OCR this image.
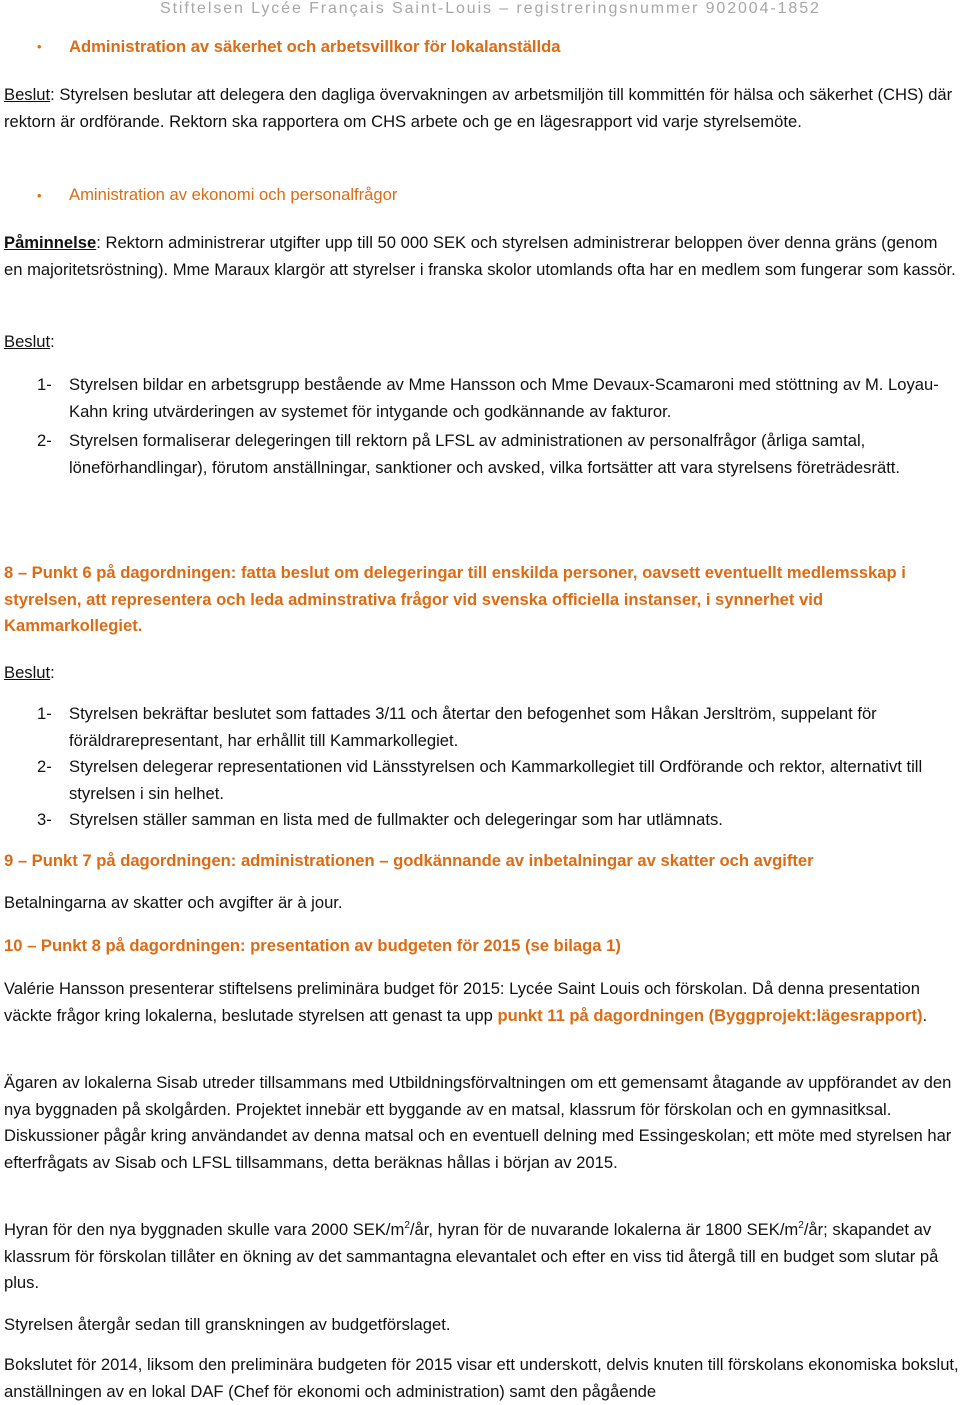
Stiftelsen Lycée Français Saint-Louis – registreringsnummer 902004-1852
•	Administration av säkerhet och arbetsvillkor för lokalanställda

Beslut: Styrelsen beslutar att delegera den dagliga övervakningen av arbetsmiljön till kommittén för hälsa och säkerhet (CHS) där rektorn är ordförande. Rektorn ska rapportera om CHS arbete och ge en lägesrapport vid varje styrelsemöte.

•	Aministration av ekonomi och personalfrågor

Påminnelse: Rektorn administrerar utgifter upp till 50 000 SEK och styrelsen administrerar beloppen över denna gräns (genom en majoritetsröstning). Mme Maraux klargör att styrelser i franska skolor utomlands ofta har en medlem som fungerar som kassör.

Beslut:

1-	Styrelsen bildar en arbetsgrupp bestående av Mme Hansson och Mme Devaux-Scamaroni med stöttning av M. Loyau-Kahn kring utvärderingen av systemet för intygande och godkännande av fakturor.

2-	Styrelsen formaliserar delegeringen till rektorn på LFSL av administrationen av personalfrågor (årliga samtal, löneförhandlingar), förutom anställningar, sanktioner och avsked, vilka fortsätter att vara styrelsens företrädesrätt.

8 – Punkt 6 på dagordningen: fatta beslut om delegeringar till enskilda personer, oavsett eventuellt medlemsskap i styrelsen, att representera och leda adminstrativa frågor vid svenska officiella instanser, i synnerhet vid Kammarkollegiet.

Beslut:

1-	Styrelsen bekräftar beslutet som fattades 3/11 och återtar den befogenhet som Håkan Jersltröm, suppelant för föräldrarepresentant, har erhållit till Kammarkollegiet.

2-	Styrelsen delegerar representationen vid Länsstyrelsen och Kammarkollegiet till Ordförande och rektor, alternativt till styrelsen i sin helhet.

3-	Styrelsen ställer samman en lista med de fullmakter och delegeringar som har utlämnats.

9 – Punkt 7 på dagordningen: administrationen – godkännande av inbetalningar av skatter och avgifter

Betalningarna av skatter och avgifter är à jour.

10 – Punkt 8 på dagordningen: presentation av budgeten för 2015 (se bilaga 1)

Valérie Hansson presenterar stiftelsens preliminära budget för 2015: Lycée Saint Louis och förskolan. Då denna presentation väckte frågor kring lokalerna, beslutade styrelsen att genast ta upp punkt 11 på dagordningen (Byggprojekt:lägesrapport).

Ägaren av lokalerna Sisab utreder tillsammans med Utbildningsförvaltningen om ett gemensamt åtagande av uppförandet av den nya byggnaden på skolgården. Projektet innebär ett byggande av en matsal, klassrum för förskolan och en gymnasitksal. Diskussioner pågår kring användandet av denna matsal och en eventuell delning med Essingeskolan; ett möte med styrelsen har efterfrågats av Sisab och LFSL tillsammans, detta beräknas hållas i början av 2015.

Hyran för den nya byggnaden skulle vara 2000 SEK/$m^2/år$, hyran för de nuvarande lokalerna är 1800 SEK/$m^2/år$; skapandet av klassrum för förskolan tillåter en ökning av det sammantagna elevantalet och efter en viss tid återgå till en budget som slutar på plus.

Styrelsen återgår sedan till granskningen av budgetförslaget.

Bokslutet för 2014, liksom den preliminära budgeten för 2015 visar ett underskott, delvis knuten till förskolans ekonomiska bokslut, anställningen av en lokal DAF (Chef för ekonomi och administration) samt den pågående
